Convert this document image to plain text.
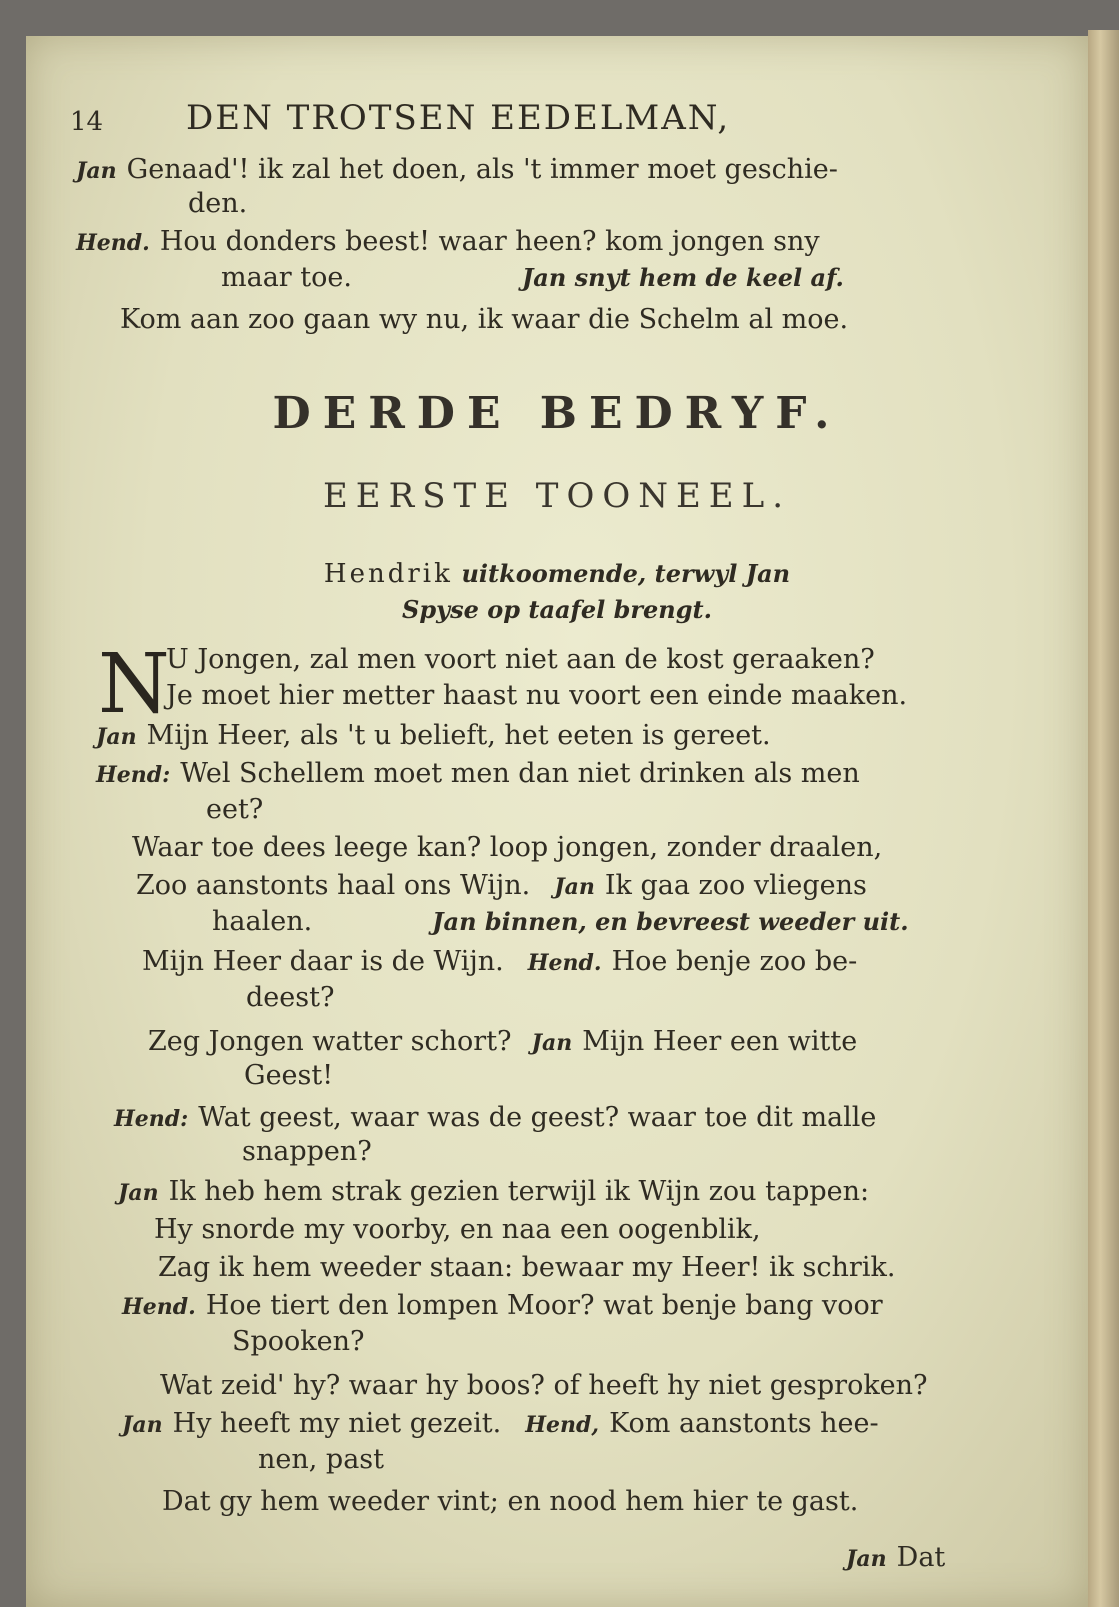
14 DEN TROTSEN EEDELMAN,
Jan Genaad'! ik zal het doen, als 't immer moet geschie-
den.
Hend. Hou donders beest! waar heen? kom jongen sny
maar toe.	Jan snyt hem de keel af.
Kom aan zoo gaan wy nu, ik waar die Schelm al moe.
DERDE BEDRYF.
EERSTE TOONEEL.
Hendrik uitkoomende, terwyl Jan
Spyse op taafel brengt.
N
U Jongen, zal men voort niet aan de kost geraaken?
Je moet hier metter haast nu voort een einde maaken.
Jan Mijn Heer, als 't u belieft, het eeten is gereet.
Hend: Wel Schellem moet men dan niet drinken als men
eet?
Waar toe dees leege kan? loop jongen, zonder draalen,
Zoo aanstonts haal ons Wijn. Jan Ik gaa zoo vliegens
haalen.	Jan binnen, en bevreest weeder uit.
Mijn Heer daar is de Wijn. Hend. Hoe benje zoo be-
deest?
Zeg Jongen watter schort? Jan Mijn Heer een witte
Geest!
Hend: Wat geest, waar was de geest? waar toe dit malle
snappen?
Jan Ik heb hem strak gezien terwijl ik Wijn zou tappen:
Hy snorde my voorby, en naa een oogenblik,
Zag ik hem weeder staan: bewaar my Heer! ik schrik.
Hend. Hoe tiert den lompen Moor? wat benje bang voor
Spooken?
Wat zeid' hy? waar hy boos? of heeft hy niet gesproken?
Jan Hy heeft my niet gezeit. Hend, Kom aanstonts hee-
nen, past
Dat gy hem weeder vint; en nood hem hier te gast.
Jan Dat
